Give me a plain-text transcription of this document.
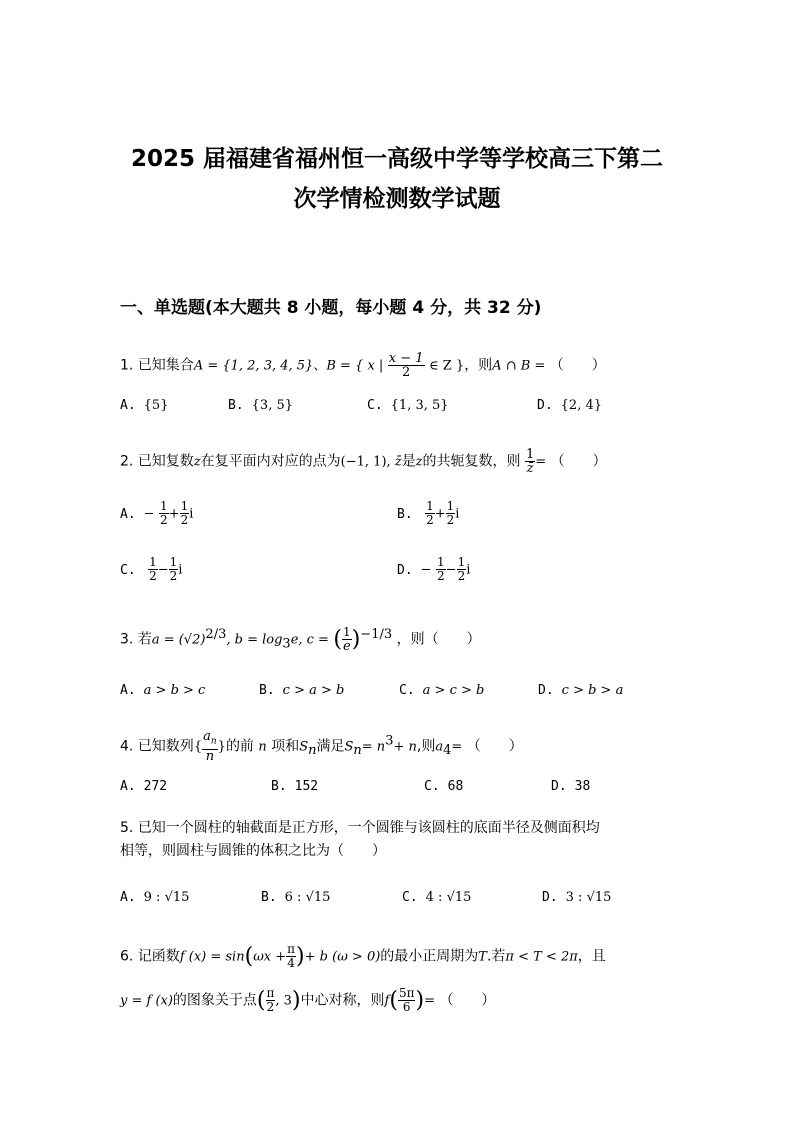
2025 届福建省福州恒一高级中学等学校高三下第二
次学情检测数学试题
一、单选题(本大题共 8 小题，每小题 4 分，共 32 分)
1. 已知集合A = {1, 2, 3, 4, 5}、B = { x | $\frac{x - 1}{2}$ ∈ Z }，则A ∩ B = （　　）
A. {5}	B. {3, 5}	C. {1, 3, 5}	D. {2, 4}
2. 已知复数z在复平面内对应的点为(−1, 1), z̄是z的共轭复数，则 $\frac{1}{z̄}$ = （　　）
A. − $\frac{1}{2} + \frac{1}{2}$ i	B. $\frac{1}{2} + \frac{1}{2}$ i
C. $\frac{1}{2} - \frac{1}{2}$ i	D. − $\frac{1}{2} - \frac{1}{2}$ i
3. 若$a = (√2)^{2/3}$, $b = \log_3e$, c = ( $\frac{1}{e} )^{-1/3}$ ，则（　　）
A. a > b > c	B. c > a > b	C. a > c > b	D. c > b > a
4. 已知数列{ $\frac{a_n}{n}$ }的前 n 项和$S_n$满足$S_n= n^3+ n$,则$a_4=$ （　　）
A. 272	B. 152	C. 68	D. 38
5. 已知一个圆柱的轴截面是正方形，一个圆锥与该圆柱的底面半径及侧面积均
相等，则圆柱与圆锥的体积之比为（　　）
A. 9 : √15	B. 6 : √15	C. 4 : √15	D. 3 : √15
6. 记函数f $(x) = \sin(\omega x + \frac{\pi}{4}$ )+ b (ω > 0)的最小正周期为T.若π < T < 2π，且
y = f (x)的图象关于点( $\frac{\pi}{2}$ , 3)中心对称，则$f( \frac{5\pi}{6}$ )= （　　）
